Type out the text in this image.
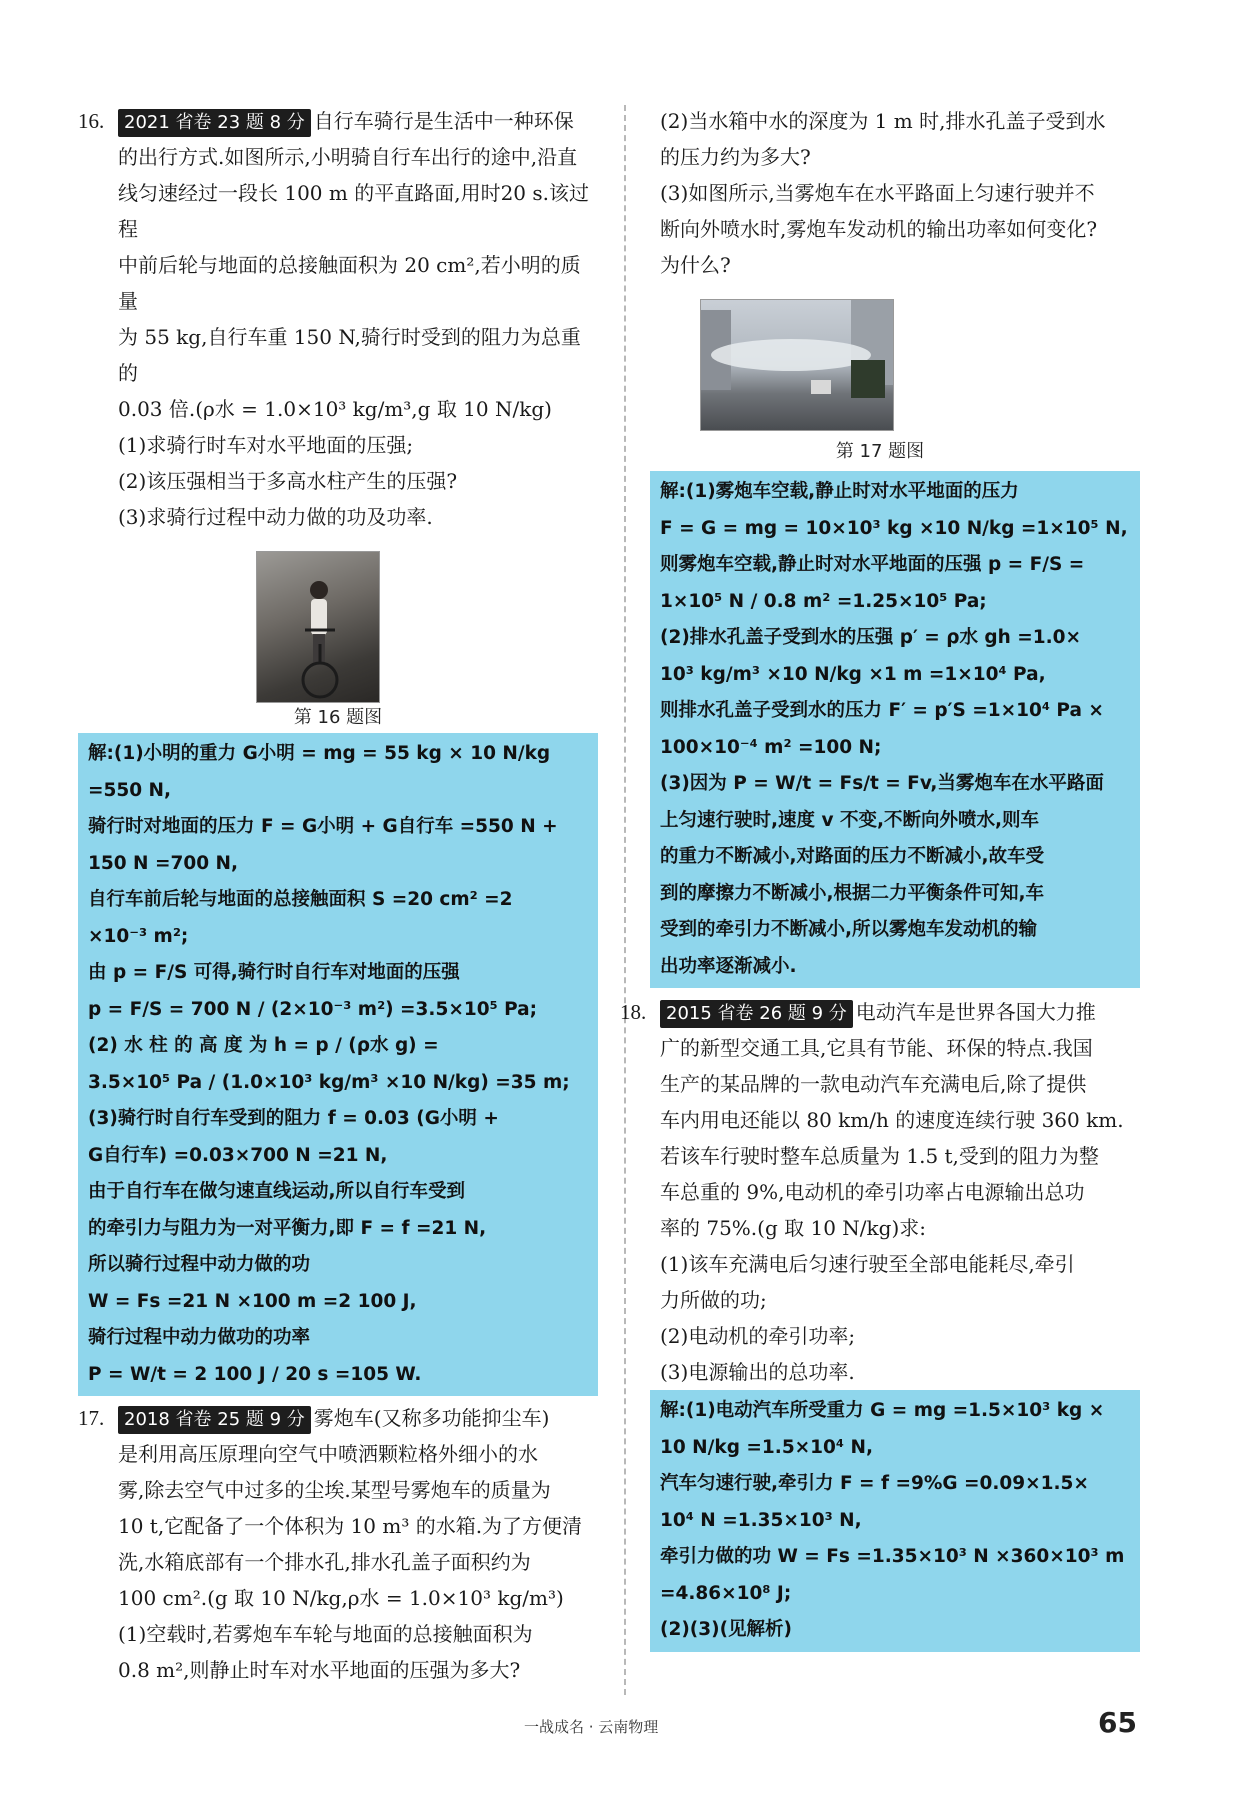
16.	2021 省卷 23 题 8 分 自行车骑行是生活中一种环保

的出行方式.如图所示,小明骑自行车出行的途中,沿直

线匀速经过一段长 100 m 的平直路面,用时20 s.该过程

中前后轮与地面的总接触面积为 20 cm²,若小明的质量

为 55 kg,自行车重 150 N,骑行时受到的阻力为总重的

0.03 倍.(ρ水 = 1.0×10³ kg/m³,g 取 10 N/kg)

(1)求骑行时车对水平地面的压强;

(2)该压强相当于多高水柱产生的压强?

(3)求骑行过程中动力做的功及功率.

第 16 题图

解:(1)小明的重力 G小明 = mg = 55 kg × 10 N/kg

=550 N,

骑行时对地面的压力 F = G小明 + G自行车 =550 N +

150 N =700 N,

自行车前后轮与地面的总接触面积 S =20 cm² =2

×10⁻³ m²;

由 p = F/S 可得,骑行时自行车对地面的压强

p = F/S = 700 N / (2×10⁻³ m²) =3.5×10⁵ Pa;

(2) 水 柱 的 高 度 为 h = p / (ρ水 g) =

3.5×10⁵ Pa / (1.0×10³ kg/m³ ×10 N/kg) =35 m;

(3)骑行时自行车受到的阻力 f = 0.03 (G小明 +

G自行车) =0.03×700 N =21 N,

由于自行车在做匀速直线运动,所以自行车受到

的牵引力与阻力为一对平衡力,即 F = f =21 N,

所以骑行过程中动力做的功

W = Fs =21 N ×100 m =2 100 J,

骑行过程中动力做功的功率

P = W/t = 2 100 J / 20 s =105 W.

17.	2018 省卷 25 题 9 分 雾炮车(又称多功能抑尘车)

是利用高压原理向空气中喷洒颗粒格外细小的水

雾,除去空气中过多的尘埃.某型号雾炮车的质量为

10 t,它配备了一个体积为 10 m³ 的水箱.为了方便清

洗,水箱底部有一个排水孔,排水孔盖子面积约为

100 cm².(g 取 10 N/kg,ρ水 = 1.0×10³ kg/m³)

(1)空载时,若雾炮车车轮与地面的总接触面积为

0.8 m²,则静止时车对水平地面的压强为多大?

(2)当水箱中水的深度为 1 m 时,排水孔盖子受到水

的压力约为多大?

(3)如图所示,当雾炮车在水平路面上匀速行驶并不

断向外喷水时,雾炮车发动机的输出功率如何变化?

为什么?

第 17 题图

解:(1)雾炮车空载,静止时对水平地面的压力

F = G = mg = 10×10³ kg ×10 N/kg =1×10⁵ N,

则雾炮车空载,静止时对水平地面的压强 p = F/S =

1×10⁵ N / 0.8 m² =1.25×10⁵ Pa;

(2)排水孔盖子受到水的压强 p′ = ρ水 gh =1.0×

10³ kg/m³ ×10 N/kg ×1 m =1×10⁴ Pa,

则排水孔盖子受到水的压力 F′ = p′S =1×10⁴ Pa ×

100×10⁻⁴ m² =100 N;

(3)因为 P = W/t = Fs/t = Fv,当雾炮车在水平路面

上匀速行驶时,速度 v 不变,不断向外喷水,则车

的重力不断减小,对路面的压力不断减小,故车受

到的摩擦力不断减小,根据二力平衡条件可知,车

受到的牵引力不断减小,所以雾炮车发动机的输

出功率逐渐减小.

18.	2015 省卷 26 题 9 分 电动汽车是世界各国大力推

广的新型交通工具,它具有节能、环保的特点.我国

生产的某品牌的一款电动汽车充满电后,除了提供

车内用电还能以 80 km/h 的速度连续行驶 360 km.

若该车行驶时整车总质量为 1.5 t,受到的阻力为整

车总重的 9%,电动机的牵引功率占电源输出总功

率的 75%.(g 取 10 N/kg)求:

(1)该车充满电后匀速行驶至全部电能耗尽,牵引

力所做的功;

(2)电动机的牵引功率;

(3)电源输出的总功率.

解:(1)电动汽车所受重力 G = mg =1.5×10³ kg ×

10 N/kg =1.5×10⁴ N,

汽车匀速行驶,牵引力 F = f =9%G =0.09×1.5×

10⁴ N =1.35×10³ N,

牵引力做的功 W = Fs =1.35×10³ N ×360×10³ m

=4.86×10⁸ J;

(2)(3)(见解析)

一战成名 · 云南物理	65
